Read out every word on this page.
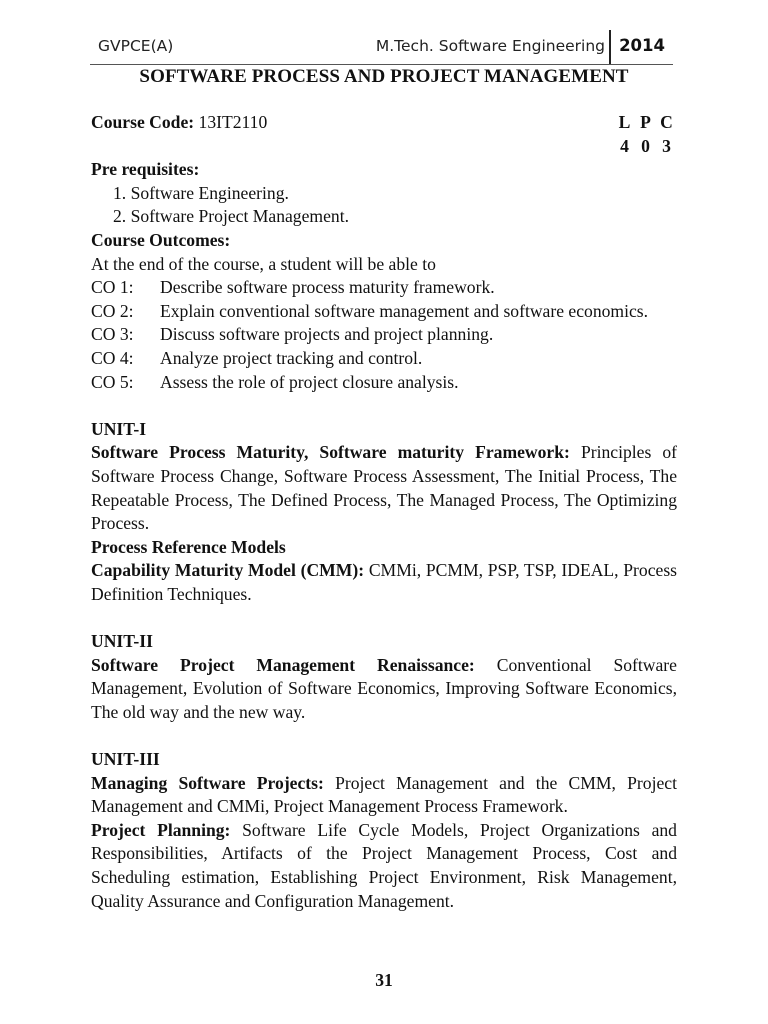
GVPCE(A)	M.Tech. Software Engineering 2014
SOFTWARE PROCESS AND PROJECT MANAGEMENT
Course Code: 13IT2110	L P C
4 0 3
Pre requisites:
1. Software Engineering.
2. Software Project Management.
Course Outcomes:
At the end of the course, a student will be able to
CO 1:	Describe software process maturity framework.
CO 2:	Explain conventional software management and software economics.
CO 3:	Discuss software projects and project planning.
CO 4:	Analyze project tracking and control.
CO 5:	Assess the role of project closure analysis.
UNIT-I

Software Process Maturity, Software maturity Framework: Principles of Software Process Change, Software Process Assessment, The Initial Process, The Repeatable Process, The Defined Process, The Managed Process, The Optimizing Process.

Process Reference Models

Capability Maturity Model (CMM): CMMi, PCMM, PSP, TSP, IDEAL, Process Definition Techniques.

UNIT-II

Software Project Management Renaissance: Conventional Software Management, Evolution of Software Economics, Improving Software Economics, The old way and the new way.

UNIT-III

Managing Software Projects: Project Management and the CMM, Project Management and CMMi, Project Management Process Framework.

Project Planning: Software Life Cycle Models, Project Organizations and Responsibilities, Artifacts of the Project Management Process, Cost and Scheduling estimation, Establishing Project Environment, Risk Management, Quality Assurance and Configuration Management.

31
